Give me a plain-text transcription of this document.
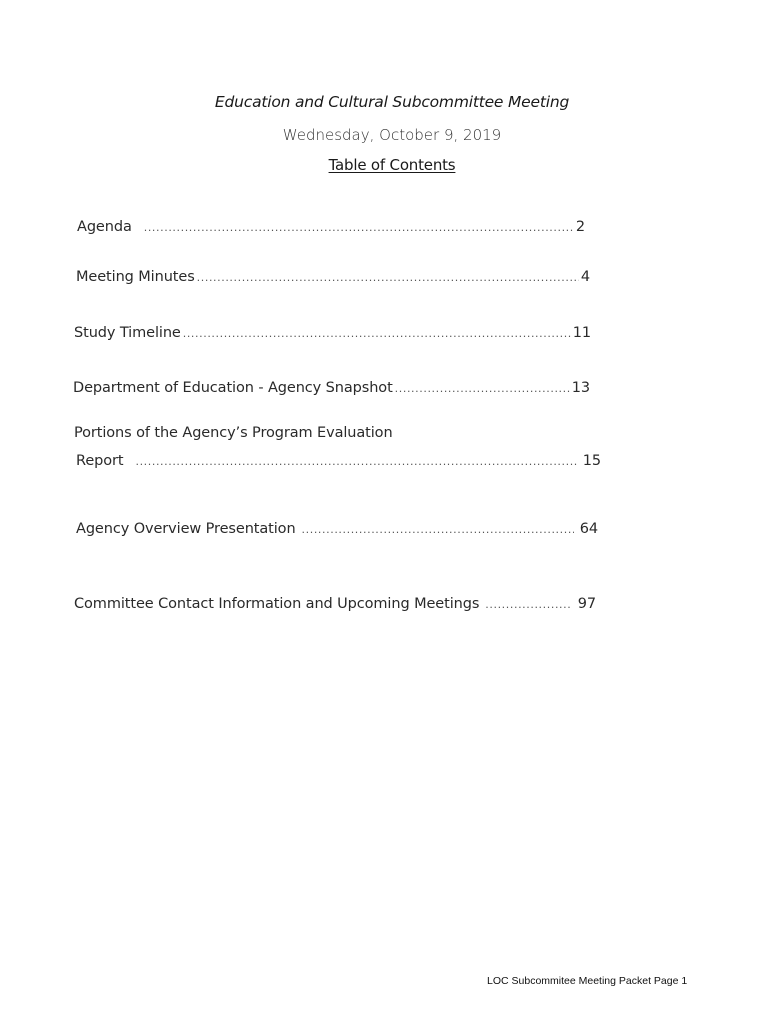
Education and Cultural Subcommittee Meeting
Wednesday, October 9, 2019
Table of Contents
Agenda .....	2
Meeting Minutes .....	4
Study Timeline .....	11
Department of Education - Agency Snapshot .....	13
Portions of the Agency’s Program Evaluation
Report .....	15
Agency Overview Presentation .....	64
Committee Contact Information and Upcoming Meetings .....	97
LOC Subcommitee Meeting Packet Page 1
